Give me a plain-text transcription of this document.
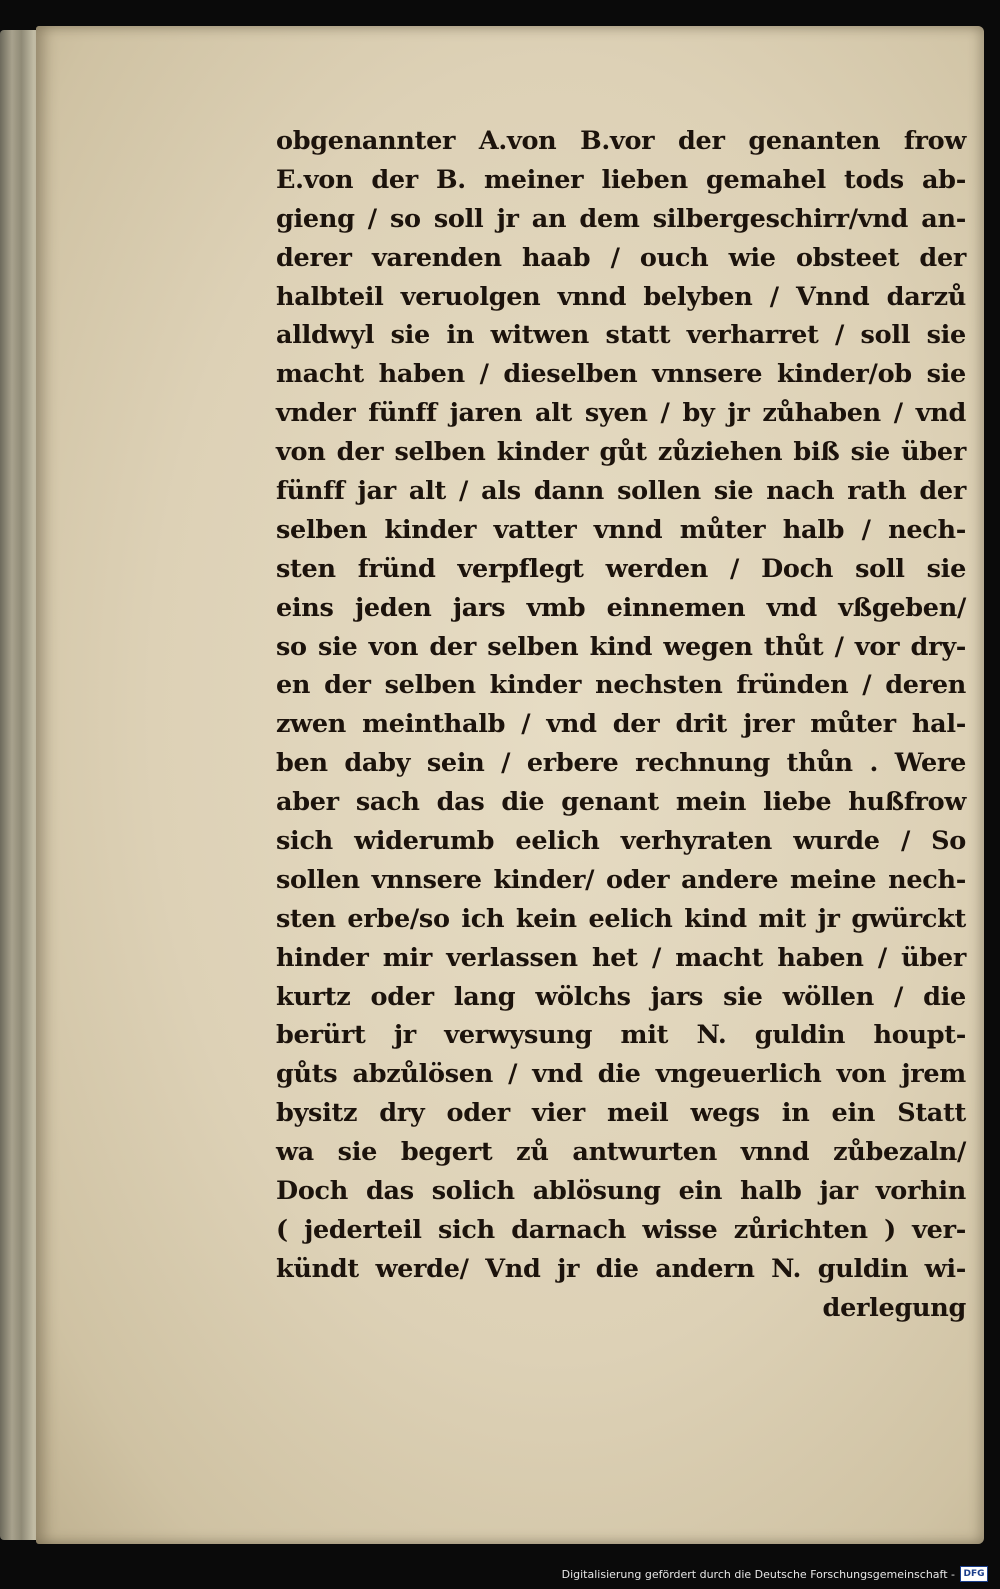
obgenannter A.von B.vor der genanten frow
E.von der B. meiner lieben gemahel tods ab-
gieng / so soll jr an dem silbergeschirr/vnd an-
derer varenden haab / ouch wie obsteet der
halbteil veruolgen vnnd belyben / Vnnd darzů
alldwyl sie in witwen statt verharret / soll sie
macht haben / dieselben vnnsere kinder/ob sie
vnder fünff jaren alt syen / by jr zůhaben / vnd
von der selben kinder gůt zůziehen biß sie über
fünff jar alt / als dann sollen sie nach rath der
selben kinder vatter vnnd můter halb / nech-
sten fründ verpflegt werden / Doch soll sie
eins jeden jars vmb einnemen vnd vßgeben/
so sie von der selben kind wegen thůt / vor dry-
en der selben kinder nechsten fründen / deren
zwen meinthalb / vnd der drit jrer můter hal-
ben daby sein / erbere rechnung thůn . Were
aber sach das die genant mein liebe hußfrow
sich widerumb eelich verhyraten wurde / So
sollen vnnsere kinder/ oder andere meine nech-
sten erbe/so ich kein eelich kind mit jr gwürckt
hinder mir verlassen het / macht haben / über
kurtz oder lang wölchs jars sie wöllen / die
berürt jr verwysung mit N. guldin houpt-
gůts abzůlösen / vnd die vngeuerlich von jrem
bysitz dry oder vier meil wegs in ein Statt
wa sie begert zů antwurten vnnd zůbezaln/
Doch das solich ablösung ein halb jar vorhin
( jederteil sich darnach wisse zůrichten ) ver-
kündt werde/ Vnd jr die andern N. guldin wi-
derlegung
Digitalisierung gefördert durch die Deutsche Forschungsgemeinschaft - DFG
